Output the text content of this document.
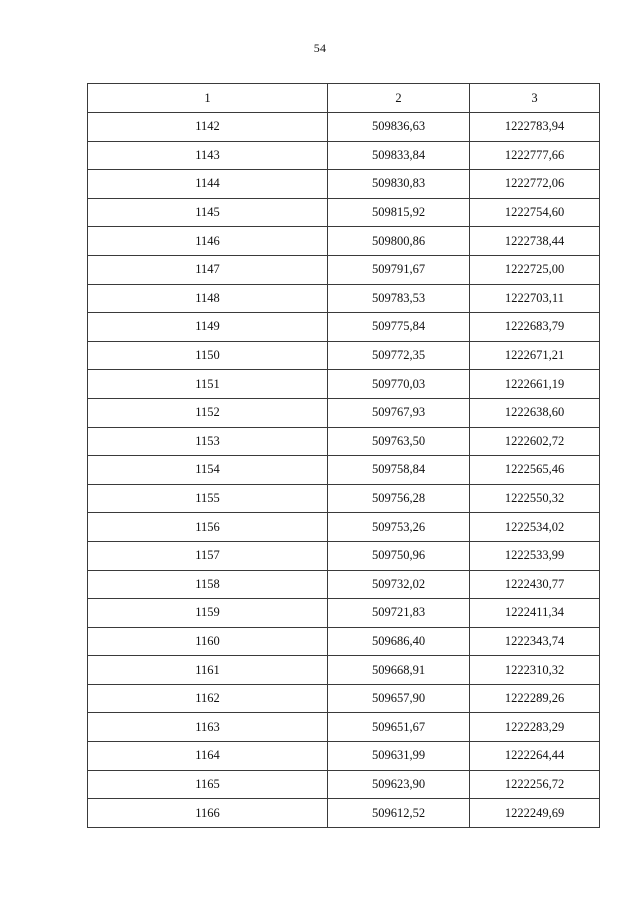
54
1	2	3
1142	509836,63	1222783,94
1143	509833,84	1222777,66
1144	509830,83	1222772,06
1145	509815,92	1222754,60
1146	509800,86	1222738,44
1147	509791,67	1222725,00
1148	509783,53	1222703,11
1149	509775,84	1222683,79
1150	509772,35	1222671,21
1151	509770,03	1222661,19
1152	509767,93	1222638,60
1153	509763,50	1222602,72
1154	509758,84	1222565,46
1155	509756,28	1222550,32
1156	509753,26	1222534,02
1157	509750,96	1222533,99
1158	509732,02	1222430,77
1159	509721,83	1222411,34
1160	509686,40	1222343,74
1161	509668,91	1222310,32
1162	509657,90	1222289,26
1163	509651,67	1222283,29
1164	509631,99	1222264,44
1165	509623,90	1222256,72
1166	509612,52	1222249,69
